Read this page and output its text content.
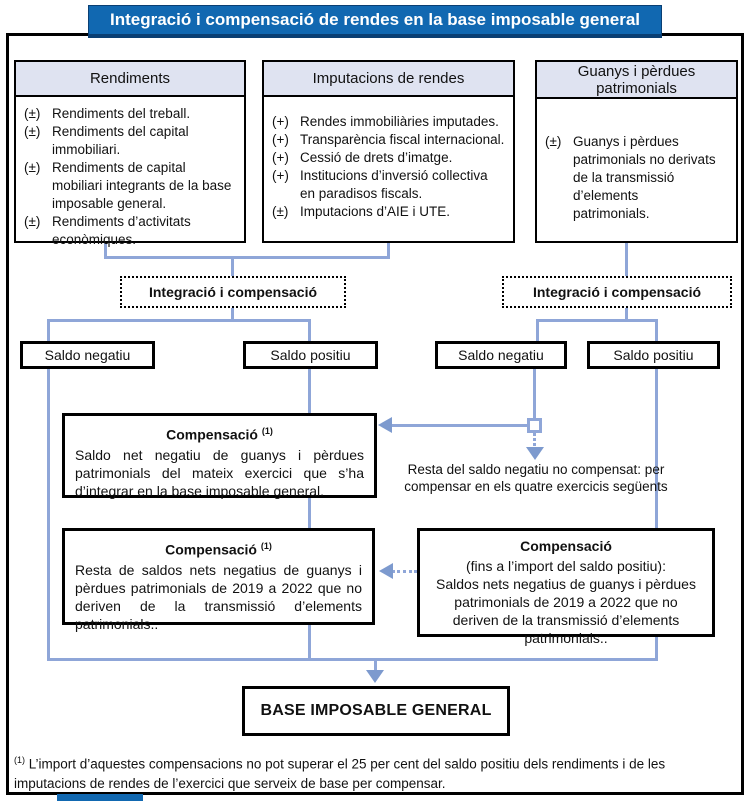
Integració i compensació de rendes en la base imposable general
Rendiments
(±) Rendiments del treball.
(±) Rendiments del capital immobiliari.
(±) Rendiments de capital mobiliari integrants de la base imposable general.
(±) Rendiments d’activitats econòmiques.
Imputacions de rendes
(+) Rendes immobiliàries imputades.
(+) Transparència fiscal internacional.
(+) Cessió de drets d’imatge.
(+) Institucions d’inversió collectiva en paradisos fiscals.
(±) Imputacions d’AIE i UTE.
Guanys i pèrdues patrimonials
(±) Guanys i pèrdues patrimonials no derivats de la transmissió d’elements patrimonials.
Integració i compensació	Integració i compensació
Saldo negatiu	Saldo positiu	Saldo negatiu	Saldo positiu
Resta del saldo negatiu no compensat: per compensar en els quatre exercicis següents
Compensació $^{(1)}$
Saldo net negatiu de guanys i pèrdues patrimonials del mateix exercici que s’ha d’integrar en la base imposable general.
Compensació $^{(1)}$
Resta de saldos nets negatius de guanys i pèrdues patrimonials de 2019 a 2022 que no deriven de la transmissió d’elements patrimonials..
Compensació
(fins a l’import del saldo positiu):
Saldos nets negatius de guanys i pèrdues patrimonials de 2019 a 2022 que no deriven de la transmissió d’elements patrimonials..
BASE IMPOSABLE GENERAL
$^{(1)}$ L’import d’aquestes compensacions no pot superar el 25 per cent del saldo positiu dels rendiments i de les imputacions de rendes de l’exercici que serveix de base per compensar.
